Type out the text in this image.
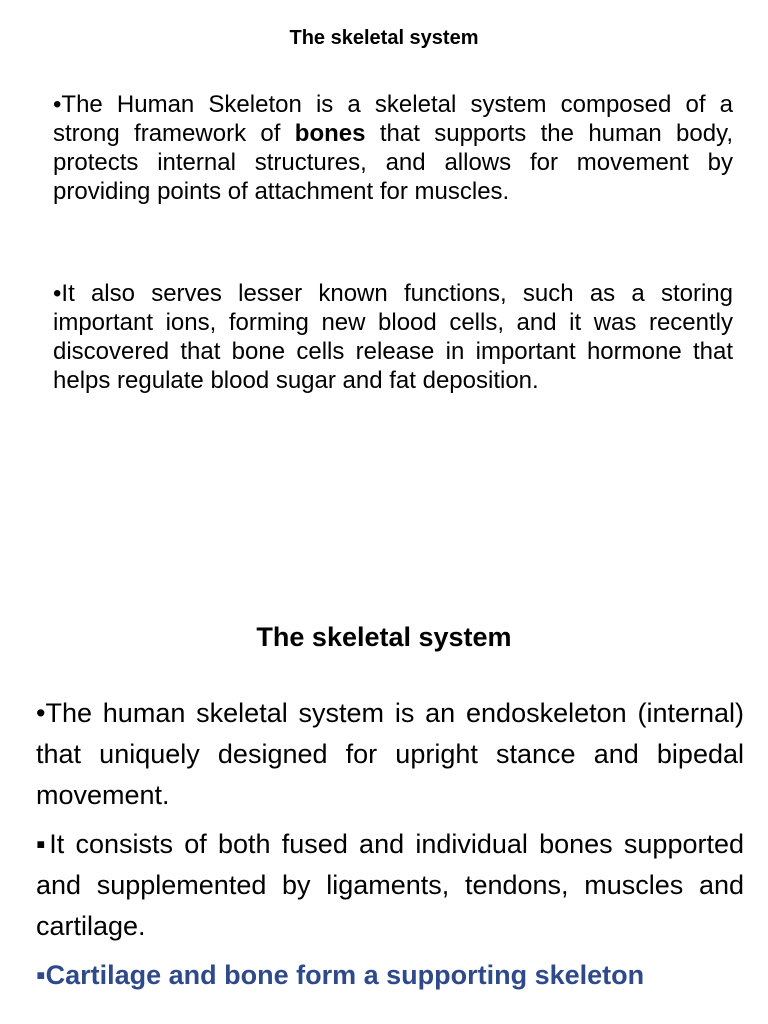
The skeletal system
•The Human Skeleton is a skeletal system composed of a strong framework of bones that supports the human body, protects internal structures, and allows for movement by providing points of attachment for muscles.
•It also serves lesser known functions, such as a storing important ions, forming new blood cells, and it was recently discovered that bone cells release in important hormone that helps regulate blood sugar and fat deposition.
The skeletal system
•The human skeletal system is an endoskeleton (internal) that uniquely designed for upright stance and bipedal movement.
▪It consists of both fused and individual bones supported and supplemented by ligaments, tendons, muscles and cartilage.
▪Cartilage and bone form a supporting skeleton
